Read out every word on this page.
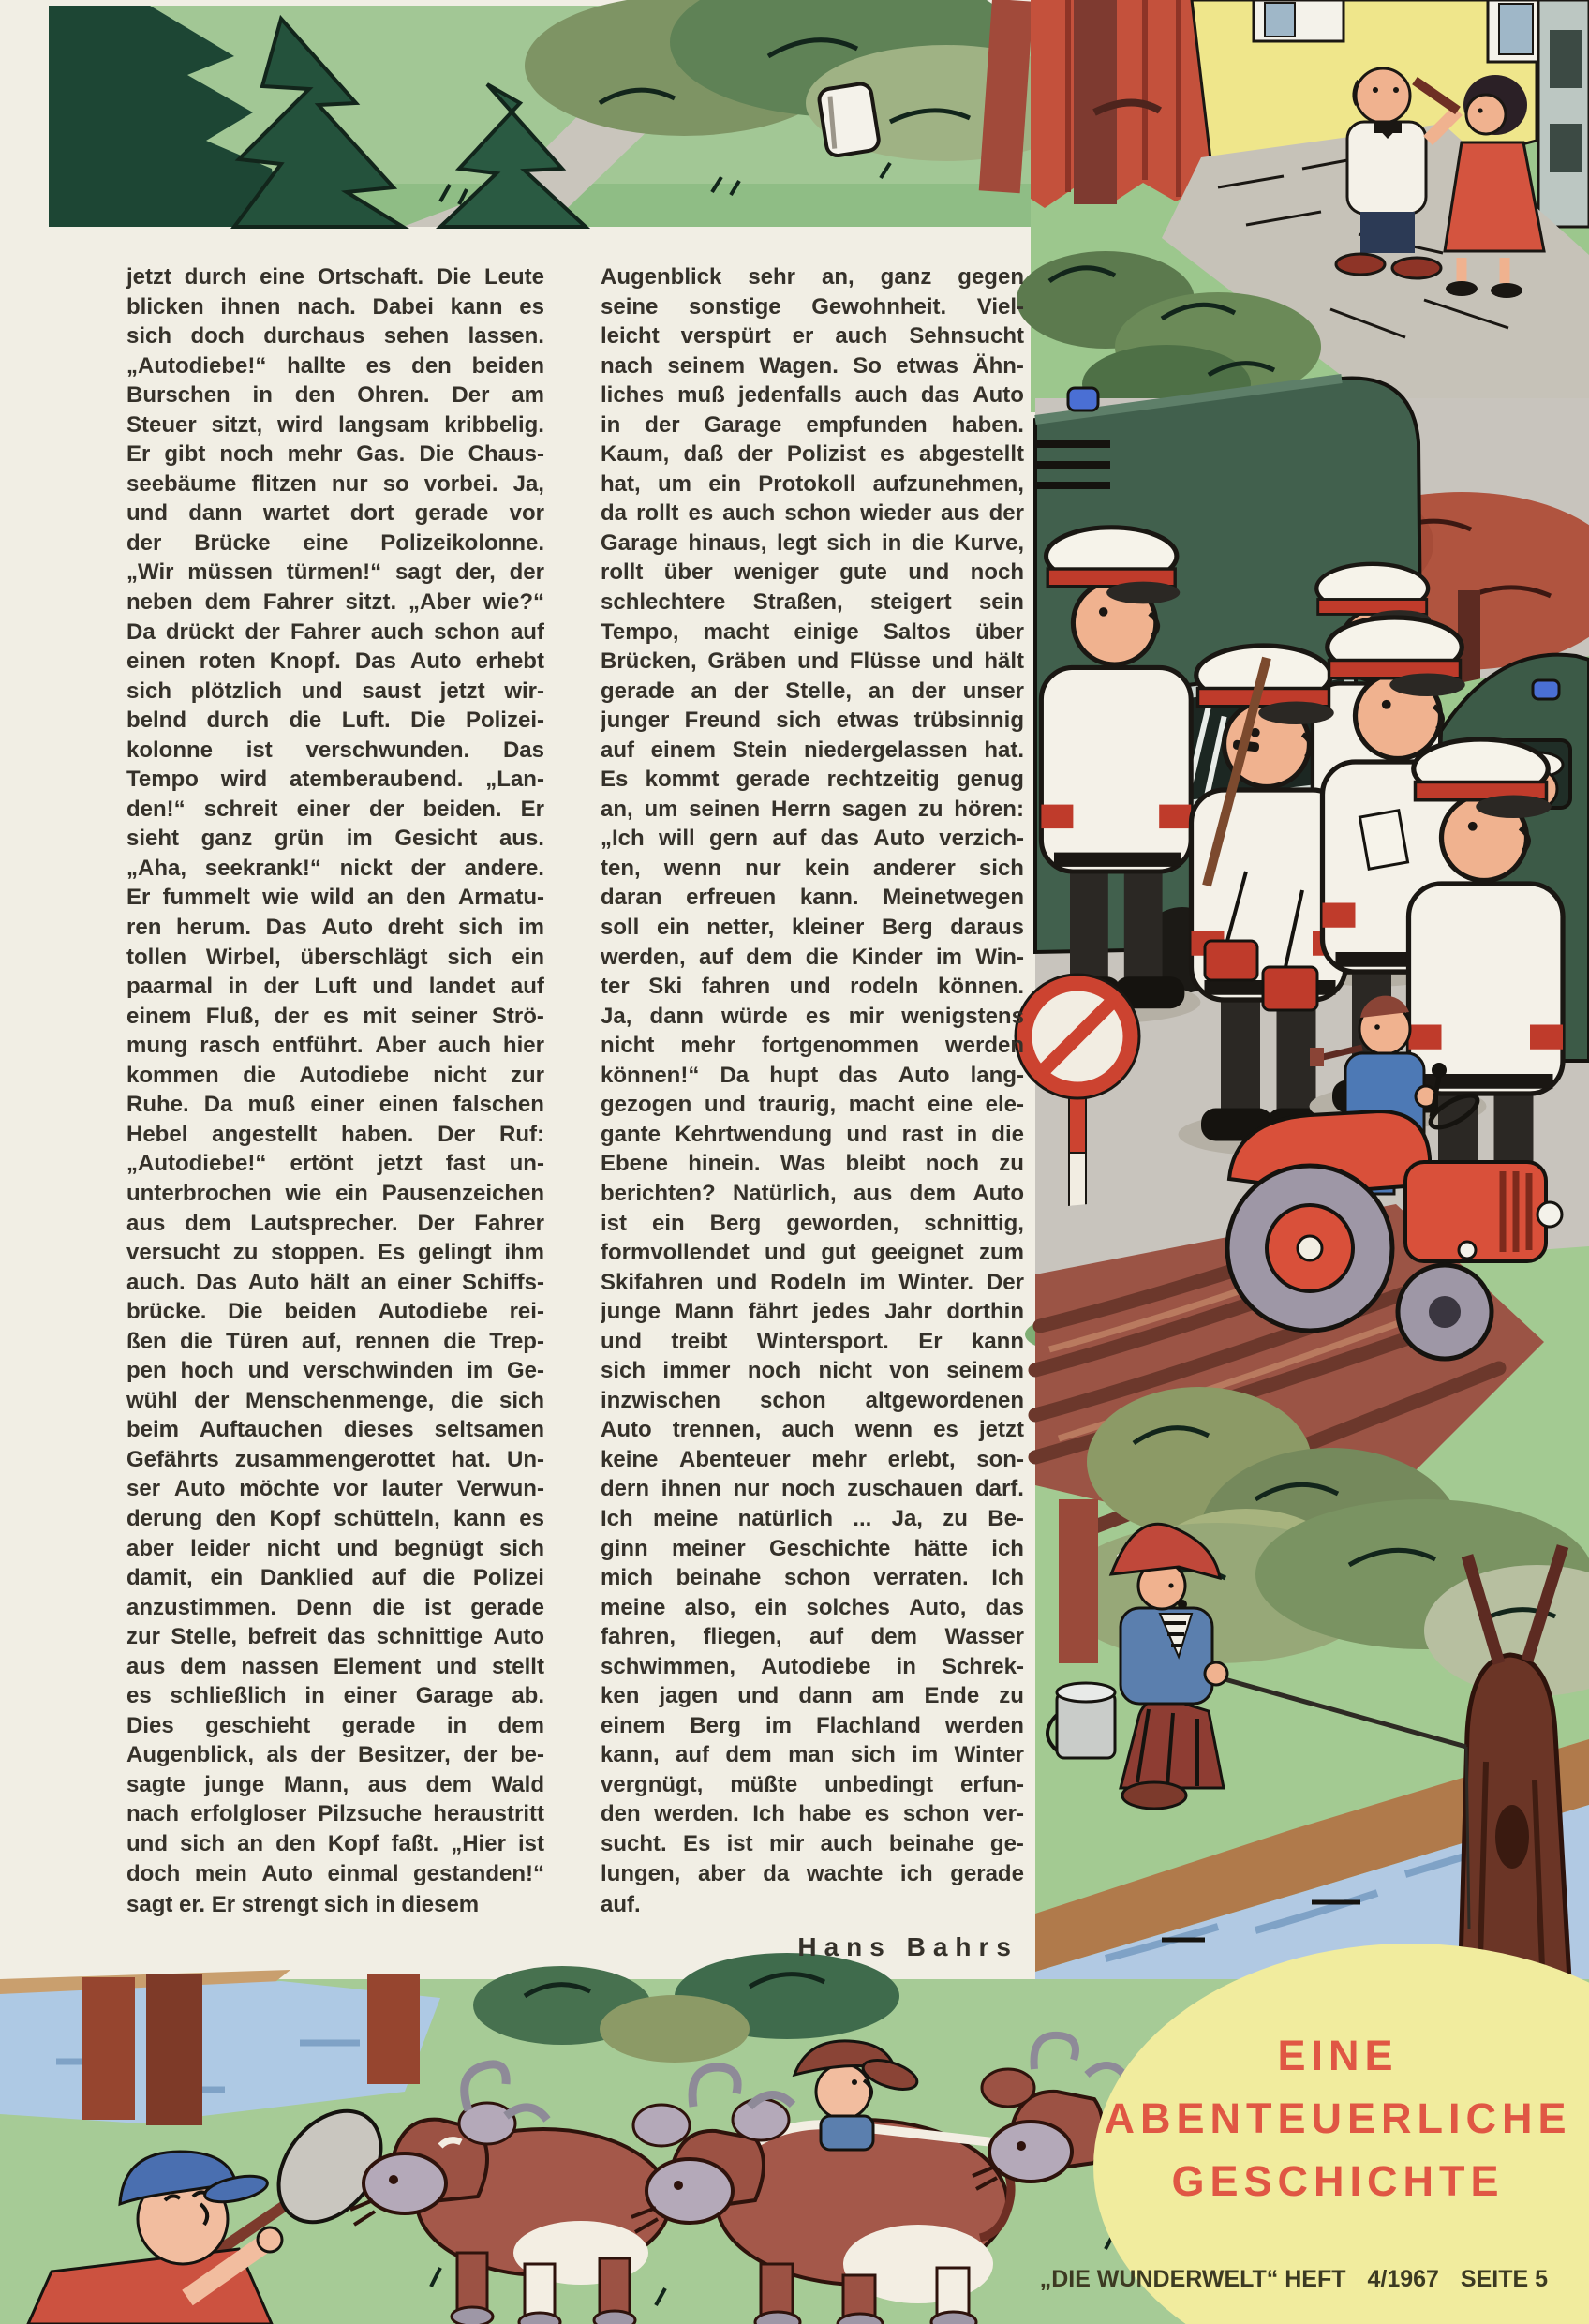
jetzt durch eine Ortschaft. Die Leute
blicken ihnen nach. Dabei kann es
sich doch durchaus sehen lassen.
„Autodiebe!“ hallte es den beiden
Burschen in den Ohren. Der am
Steuer sitzt, wird langsam kribbelig.
Er gibt noch mehr Gas. Die Chaus-
seebäume flitzen nur so vorbei. Ja,
und dann wartet dort gerade vor
der Brücke eine Polizeikolonne.
„Wir müssen türmen!“ sagt der, der
neben dem Fahrer sitzt. „Aber wie?“
Da drückt der Fahrer auch schon auf
einen roten Knopf. Das Auto erhebt
sich plötzlich und saust jetzt wir-
belnd durch die Luft. Die Polizei-
kolonne ist verschwunden. Das
Tempo wird atemberaubend. „Lan-
den!“ schreit einer der beiden. Er
sieht ganz grün im Gesicht aus.
„Aha, seekrank!“ nickt der andere.
Er fummelt wie wild an den Armatu-
ren herum. Das Auto dreht sich im
tollen Wirbel, überschlägt sich ein
paarmal in der Luft und landet auf
einem Fluß, der es mit seiner Strö-
mung rasch entführt. Aber auch hier
kommen die Autodiebe nicht zur
Ruhe. Da muß einer einen falschen
Hebel angestellt haben. Der Ruf:
„Autodiebe!“ ertönt jetzt fast un-
unterbrochen wie ein Pausenzeichen
aus dem Lautsprecher. Der Fahrer
versucht zu stoppen. Es gelingt ihm
auch. Das Auto hält an einer Schiffs-
brücke. Die beiden Autodiebe rei-
ßen die Türen auf, rennen die Trep-
pen hoch und verschwinden im Ge-
wühl der Menschenmenge, die sich
beim Auftauchen dieses seltsamen
Gefährts zusammengerottet hat. Un-
ser Auto möchte vor lauter Verwun-
derung den Kopf schütteln, kann es
aber leider nicht und begnügt sich
damit, ein Danklied auf die Polizei
anzustimmen. Denn die ist gerade
zur Stelle, befreit das schnittige Auto
aus dem nassen Element und stellt
es schließlich in einer Garage ab.
Dies geschieht gerade in dem
Augenblick, als der Besitzer, der be-
sagte junge Mann, aus dem Wald
nach erfolgloser Pilzsuche heraustritt
und sich an den Kopf faßt. „Hier ist
doch mein Auto einmal gestanden!“
sagt er. Er strengt sich in diesem
Augenblick sehr an, ganz gegen
seine sonstige Gewohnheit. Viel-
leicht verspürt er auch Sehnsucht
nach seinem Wagen. So etwas Ähn-
liches muß jedenfalls auch das Auto
in der Garage empfunden haben.
Kaum, daß der Polizist es abgestellt
hat, um ein Protokoll aufzunehmen,
da rollt es auch schon wieder aus der
Garage hinaus, legt sich in die Kurve,
rollt über weniger gute und noch
schlechtere Straßen, steigert sein
Tempo, macht einige Saltos über
Brücken, Gräben und Flüsse und hält
gerade an der Stelle, an der unser
junger Freund sich etwas trübsinnig
auf einem Stein niedergelassen hat.
Es kommt gerade rechtzeitig genug
an, um seinen Herrn sagen zu hören:
„Ich will gern auf das Auto verzich-
ten, wenn nur kein anderer sich
daran erfreuen kann. Meinetwegen
soll ein netter, kleiner Berg daraus
werden, auf dem die Kinder im Win-
ter Ski fahren und rodeln können.
Ja, dann würde es mir wenigstens
nicht mehr fortgenommen werden
können!“ Da hupt das Auto lang-
gezogen und traurig, macht eine ele-
gante Kehrtwendung und rast in die
Ebene hinein. Was bleibt noch zu
berichten? Natürlich, aus dem Auto
ist ein Berg geworden, schnittig,
formvollendet und gut geeignet zum
Skifahren und Rodeln im Winter. Der
junge Mann fährt jedes Jahr dorthin
und treibt Wintersport. Er kann
sich immer noch nicht von seinem
inzwischen schon altgewordenen
Auto trennen, auch wenn es jetzt
keine Abenteuer mehr erlebt, son-
dern ihnen nur noch zuschauen darf.
Ich meine natürlich ... Ja, zu Be-
ginn meiner Geschichte hätte ich
mich beinahe schon verraten. Ich
meine also, ein solches Auto, das
fahren, fliegen, auf dem Wasser
schwimmen, Autodiebe in Schrek-
ken jagen und dann am Ende zu
einem Berg im Flachland werden
kann, auf dem man sich im Winter
vergnügt, müßte unbedingt erfun-
den werden. Ich habe es schon ver-
sucht. Es ist mir auch beinahe ge-
lungen, aber da wachte ich gerade
auf.
Hans Bahrs
EINE
ABENTEUERLICHE
GESCHICHTE
„DIE WUNDERWELT“ HEFT 4/1967 SEITE 5
